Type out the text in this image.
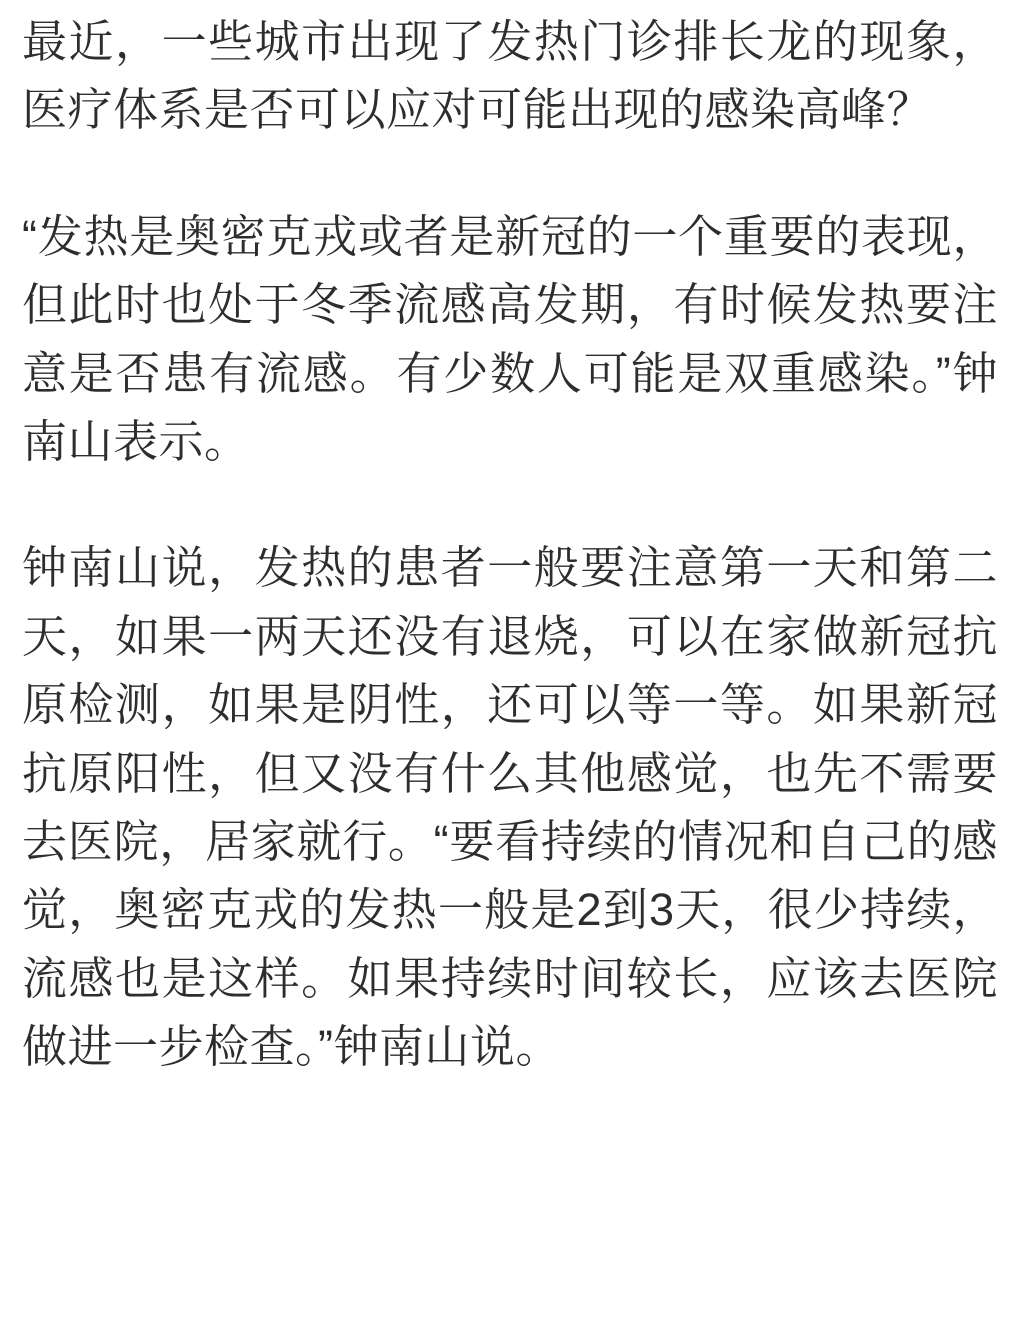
最近，一些城市出现了发热门诊排长龙的现象，医疗体系是否可以应对可能出现的感染高峰？

“发热是奥密克戎或者是新冠的一个重要的表现，但此时也处于冬季流感高发期，有时候发热要注意是否患有流感。有少数人可能是双重感染。”钟南山表示。

钟南山说，发热的患者一般要注意第一天和第二天，如果一两天还没有退烧，可以在家做新冠抗原检测，如果是阴性，还可以等一等。如果新冠抗原阳性，但又没有什么其他感觉，也先不需要去医院，居家就行。“要看持续的情况和自己的感觉，奥密克戎的发热一般是2到3天，很少持续，流感也是这样。如果持续时间较长，应该去医院做进一步检查。”钟南山说。
